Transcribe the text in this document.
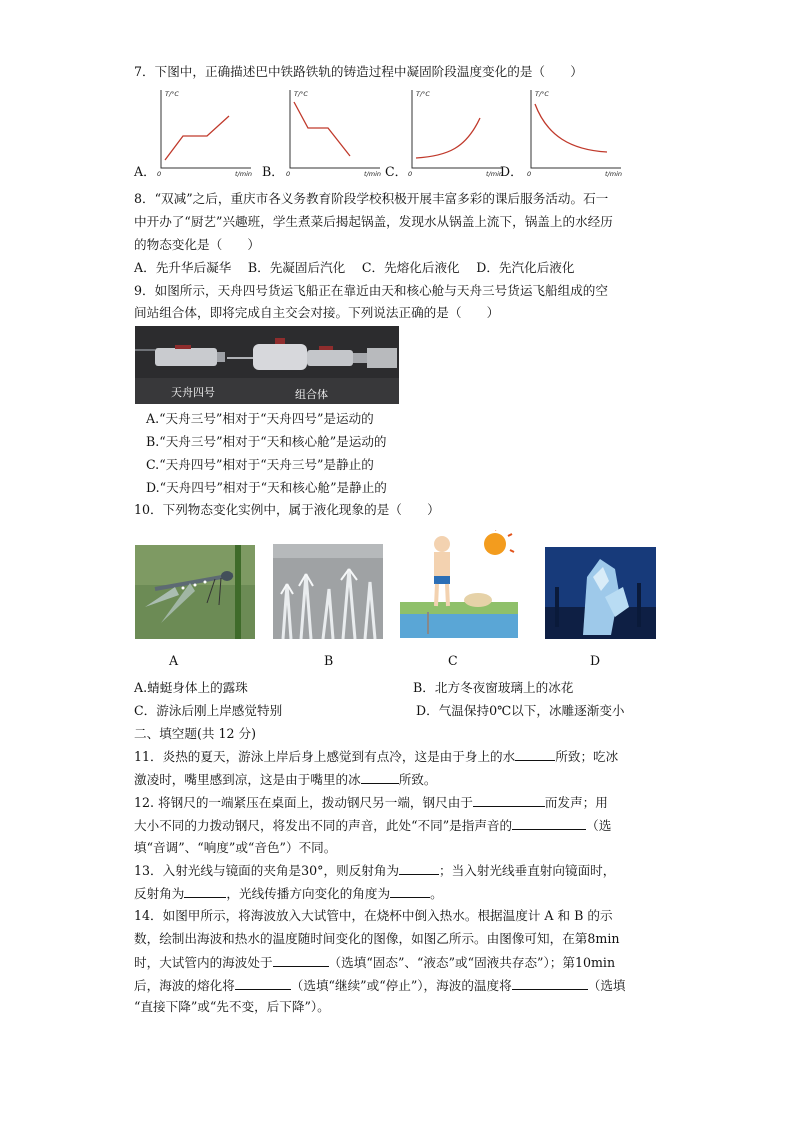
7．下图中，正确描述巴中铁路铁轨的铸造过程中凝固阶段温度变化的是（　　）
T/°C
t/min
0
A．
T/°C
t/min
0
B．
T/°C
t/min
0
C．
T/°C
t/min
0
D．
8．“双减”之后，重庆市各义务教育阶段学校积极开展丰富多彩的课后服务活动。石一
中开办了“厨艺”兴趣班，学生煮菜后揭起锅盖，发现水从锅盖上流下，锅盖上的水经历
的物态变化是（　　）
A．先升华后凝华　 B．先凝固后汽化　 C．先熔化后液化　 D．先汽化后液化
9．如图所示，天舟四号货运飞船正在靠近由天和核心舱与天舟三号货运飞船组成的空
间站组合体，即将完成自主交会对接。下列说法正确的是（　　）
天舟四号	组合体
A.“天舟三号”相对于“天舟四号”是运动的
B.“天舟三号”相对于“天和核心舱”是运动的
C.“天舟四号”相对于“天舟三号”是静止的
D.“天舟四号”相对于“天和核心舱”是静止的
10．下列物态变化实例中，属于液化现象的是（　　）
A	B	C	D
A.蜻蜓身体上的露珠	B．北方冬夜窗玻璃上的冰花
C．游泳后刚上岸感觉特别	D．气温保持0℃以下，冰雕逐渐变小
二、填空题(共 12 分)
11．炎热的夏天，游泳上岸后身上感觉到有点冷，这是由于身上的水	所致；吃冰
激凌时，嘴里感到凉，这是由于嘴里的冰	所致。
12. 将钢尺的一端紧压在桌面上，拨动钢尺另一端，钢尺由于	而发声；用
大小不同的力拨动钢尺，将发出不同的声音，此处“不同”是指声音的	（选
填“音调”、“响度”或“音色”）不同。
13．入射光线与镜面的夹角是30°，则反射角为	；当入射光线垂直射向镜面时，
反射角为	，光线传播方向变化的角度为	。
14．如图甲所示，将海波放入大试管中，在烧杯中倒入热水。根据温度计 A 和 B 的示
数，绘制出海波和热水的温度随时间变化的图像，如图乙所示。由图像可知，在第8min
时，大试管内的海波处于	（选填“固态”、“液态”或“固液共存态”）；第10min
后，海波的熔化将	（选填“继续”或“停止”），海波的温度将	（选填
“直接下降”或“先不变，后下降”）。
